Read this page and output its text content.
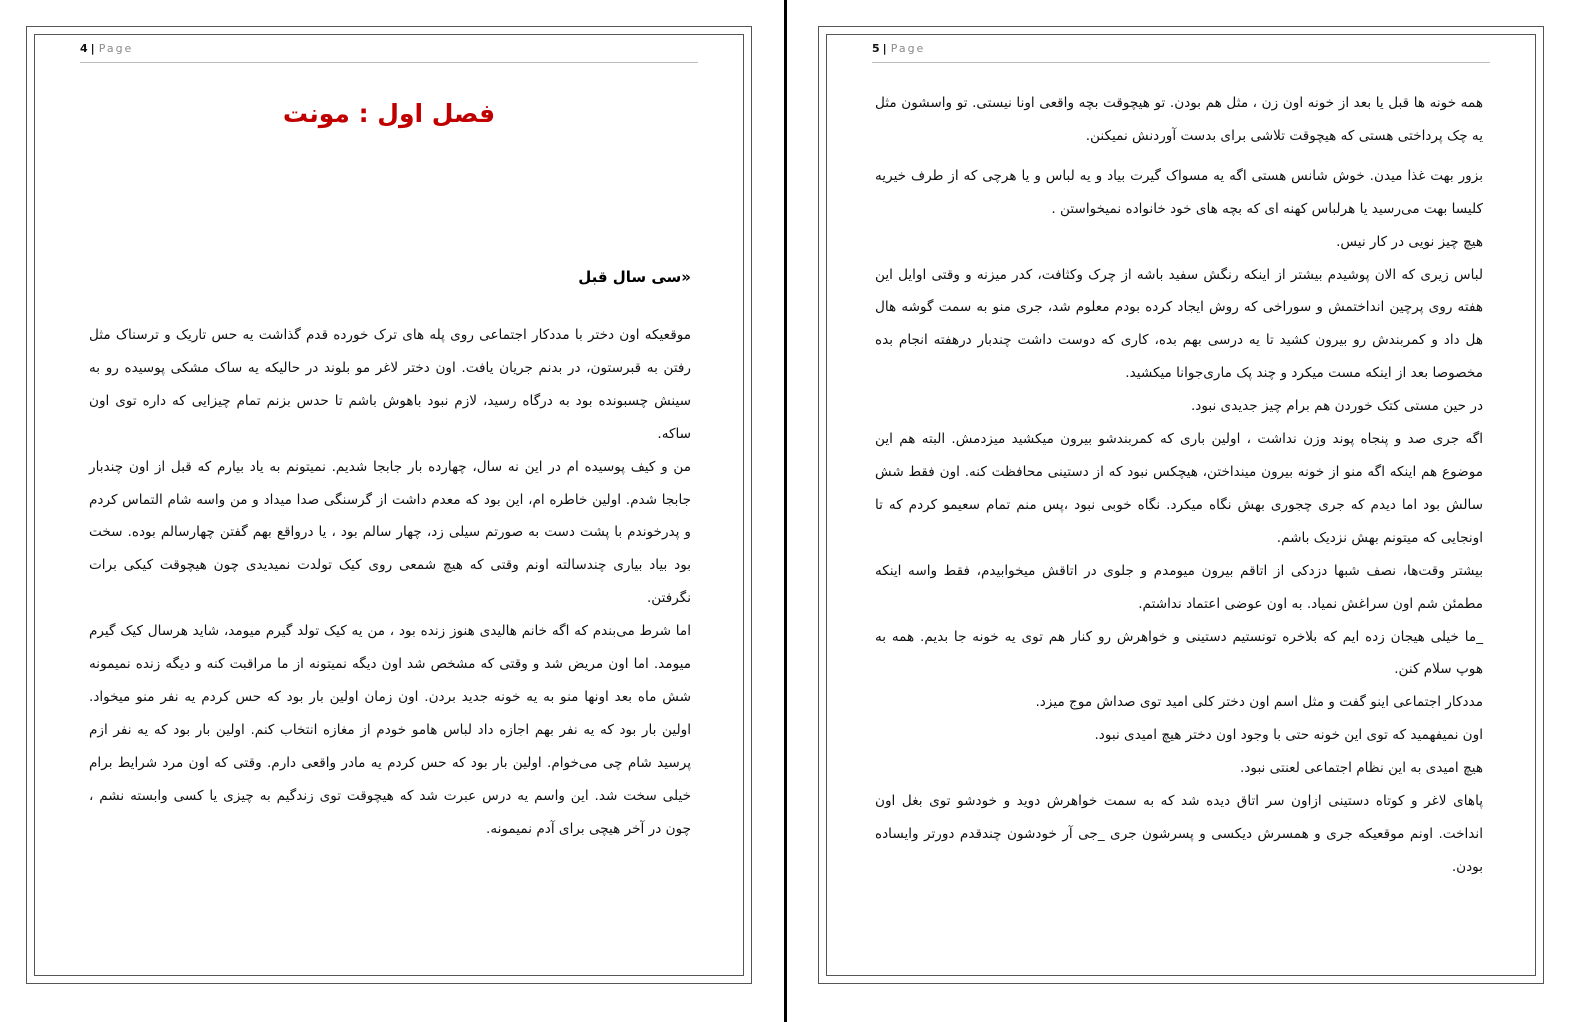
4 | Page
فصل اول : مونت
«سی سال قبل

موقعیکه اون دختر با مددکار اجتماعی روی پله های ترک خورده قدم گذاشت یه حس تاریک و ترسناک مثل رفتن به قبرستون، در بدنم جریان یافت. اون دختر لاغر مو بلوند در حالیکه یه ساک مشکی پوسیده رو به سینش چسبونده بود به درگاه رسید، لازم نبود باهوش باشم تا حدس بزنم تمام چیزایی که داره توی اون ساکه.

من و کیف پوسیده ام در این نه سال، چهارده بار جابجا شدیم. نمیتونم به یاد بیارم که قبل از اون چندبار جابجا شدم. اولین خاطره ام، این بود که معدم داشت از گرسنگی صدا میداد و من واسه شام التماس کردم و پدرخوندم با پشت دست به صورتم سیلی زد، چهار سالم بود ، یا درواقع بهم گفتن چهارسالم بوده. سخت بود بیاد بیاری چندسالته اونم وقتی که هیچ شمعی روی کیک تولدت نمیدیدی چون هیچوقت کیکی برات نگرفتن.

اما شرط می‌بندم که اگه خانم هالیدی هنوز زنده بود ، من یه کیک تولد گیرم میومد، شاید هرسال کیک گیرم میومد. اما اون مریض شد و وقتی که مشخص شد اون دیگه نمیتونه از ما مراقبت کنه و دیگه زنده نمیمونه شش ماه بعد اونها منو به یه خونه جدید بردن. اون زمان اولین بار بود که حس کردم یه نفر منو میخواد. اولین بار بود که یه نفر بهم اجازه داد لباس هامو خودم از مغازه انتخاب کنم. اولین بار بود که یه نفر ازم پرسید شام چی می‌خوام. اولین بار بود که حس کردم یه مادر واقعی دارم. وقتی که اون مرد شرایط برام خیلی سخت شد. این واسم یه درس عبرت شد که هیچوقت توی زندگیم به چیزی یا کسی وابسته نشم ، چون در آخر هیچی برای آدم نمیمونه.

5 | Page

همه خونه ها قبل یا بعد از خونه اون زن ، مثل هم بودن. تو هیچوقت بچه واقعی اونا نیستی. تو واسشون مثل یه چک پرداختی هستی که هیچوقت تلاشی برای بدست آوردنش نمیکنن.

بزور بهت غذا میدن. خوش شانس هستی اگه یه مسواک گیرت بیاد و یه لباس و یا هرچی که از طرف خیریه کلیسا بهت می‌رسید یا هرلباس کهنه ای که بچه های خود خانواده نمیخواستن .

هیچ چیز نویی در کار نیس.

لباس زیری که الان پوشیدم بیشتر از اینکه رنگش سفید باشه از چرک وکثافت، کدر میزنه و وقتی اوایل این هفته روی پرچین انداختمش و سوراخی که روش ایجاد کرده بودم معلوم شد، جری منو به سمت گوشه هال هل داد و کمربندش رو بیرون کشید تا یه درسی بهم بده، کاری که دوست داشت چندبار درهفته انجام بده مخصوصا بعد از اینکه مست میکرد و چند پک ماری‌جوانا میکشید.

در حین مستی کتک خوردن هم برام چیز جدیدی نبود.

اگه جری صد و پنجاه پوند وزن نداشت ، اولین باری که کمربندشو بیرون میکشید میزدمش. البته هم این موضوع هم اینکه اگه منو از خونه بیرون مینداختن، هیچکس نبود که از دستینی محافظت کنه. اون فقط شش سالش بود اما دیدم که جری چجوری بهش نگاه میکرد. نگاه خوبی نبود ،پس منم تمام سعیمو کردم که تا اونجایی که میتونم بهش نزدیک باشم.

بیشتر وقت‌ها، نصف شبها دزدکی از اتاقم بیرون میومدم و جلوی در اتاقش میخوابیدم، فقط واسه اینکه مطمئن شم اون سراغش نمیاد. به اون عوضی اعتماد نداشتم.

_ما خیلی هیجان زده ایم که بلاخره تونستیم دستینی و خواهرش رو کنار هم توی یه خونه جا بدیم. همه به هوپ سلام کنن.

مددکار اجتماعی اینو گفت و مثل اسم اون دختر کلی امید توی صداش موج میزد.

اون نمیفهمید که توی این خونه حتی با وجود اون دختر هیچ امیدی نبود.

هیچ امیدی به این نظام اجتماعی لعنتی نبود.

پاهای لاغر و کوتاه دستینی ازاون سر اتاق دیده شد که به سمت خواهرش دوید و خودشو توی بغل اون انداخت. اونم موقعیکه جری و همسرش دیکسی و پسرشون جری _جی آر خودشون چندقدم دورتر وایساده بودن.
